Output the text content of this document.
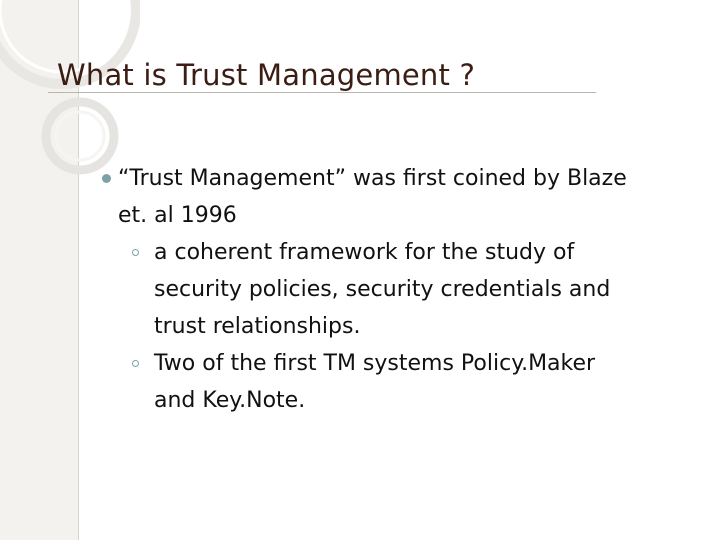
What is Trust Management ?
“Trust Management” was first coined by Blaze
et. al 1996
a coherent framework for the study of
security policies, security credentials and
trust relationships.
Two of the first TM systems Policy.Maker
and Key.Note.
